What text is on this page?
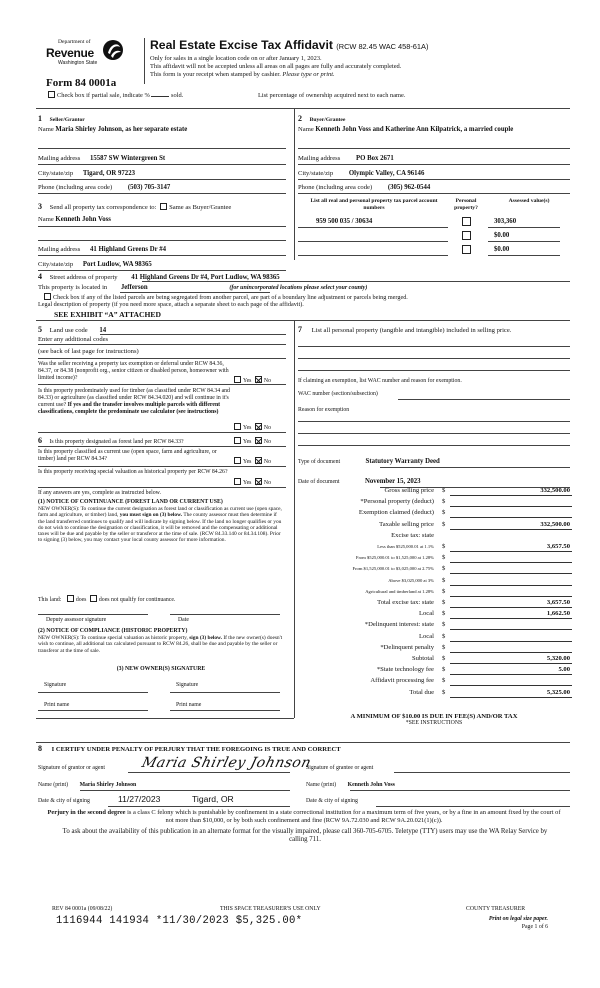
Department of
Revenue
Washington State
Real Estate Excise Tax Affidavit (RCW 82.45 WAC 458-61A)
Only for sales in a single location code on or after January 1, 2023.
This affidavit will not be accepted unless all areas on all pages are fully and accurately completed.
This form is your receipt when stamped by cashier. Please type or print.
Form 84 0001a
Check box if partial sale, indicate %	sold.	List percentage of ownership acquired next to each name.
1 Seller/Grantor
Name Maria Shirley Johnson, as her separate estate
Mailing address 15587 SW Wintergreen St
City/state/zip Tigard, OR 97223
Phone (including area code) (503) 705-3147
2 Buyer/Grantee
Name Kenneth John Voss and Katherine Ann Kilpatrick, a married couple
Mailing address PO Box 2671
City/state/zip Olympic Valley, CA 96146
Phone (including area code) (305) 962-0544
3 Send all property tax correspondence to: Same as Buyer/Grantee
Name Kenneth John Voss
Mailing address 41 Highland Greens Dr #4
City/state/zip Port Ludlow, WA 98365
List all real and personal property tax parcel account numbers
Personal property?
Assessed value(s)
959 500 035 / 30634	303,360
$0.00
$0.00
4 Street address of property 41 Highland Greens Dr #4, Port Ludlow, WA 98365
This property is located in Jefferson	(for unincorporated locations please select your county)
Check box if any of the listed parcels are being segregated from another parcel, are part of a boundary line adjustment or parcels being merged.
Legal description of property (if you need more space, attach a separate sheet to each page of the affidavit).
SEE EXHIBIT “A” ATTACHED
5 Land use code 14
Enter any additional codes
(see back of last page for instructions)
Was the seller receiving a property tax exemption or deferral under RCW 84.36, 84.37, or 84.38 (nonprofit org., senior citizen or disabled person, homeowner with limited income)?
Yes No
Is this property predominately used for timber (as classified under RCW 84.34 and 84.33) or agriculture (as classified under RCW 84.34.020) and will continue in it's current use? If yes and the transfer involves multiple parcels with different classifications, complete the predominate use calculator (see instructions)
Yes No
6 Is this property designated as forest land per RCW 84.33?	Yes No
Is this property classified as current use (open space, farm and agriculture, or timber) land per RCW 84.34?
Yes No
Is this property receiving special valuation as historical property per RCW 84.26?
Yes No
If any answers are yes, complete as instructed below.
(1) NOTICE OF CONTINUANCE (FOREST LAND OR CURRENT USE)
NEW OWNER(S): To continue the current designation as forest land or classification as current use (open space, farm and agriculture, or timber) land, you must sign on (3) below. The county assessor must then determine if the land transferred continues to qualify and will indicate by signing below. If the land no longer qualifies or you do not wish to continue the designation or classification, it will be removed and the compensating or additional taxes will be due and payable by the seller or transferor at the time of sale. (RCW 84.33.140 or 84.34.108). Prior to signing (3) below, you may contact your local county assessor for more information.
This land: does does not qualify for continuance.
Deputy assessor signature	Date
(2) NOTICE OF COMPLIANCE (HISTORIC PROPERTY)
NEW OWNER(S): To continue special valuation as historic property, sign (3) below. If the new owner(s) doesn't wish to continue, all additional tax calculated pursuant to RCW 84.26, shall be due and payable by the seller or transferor at the time of sale.
(3) NEW OWNER(S) SIGNATURE
Signature	Signature
Print name	Print name
7 List all personal property (tangible and intangible) included in selling price.
If claiming an exemption, list WAC number and reason for exemption.
WAC number (section/subsection)
Reason for exemption
Type of document	Statutory Warranty Deed
Date of document	November 15, 2023
Gross selling price $	332,500.00
*Personal property (deduct) $
Exemption claimed (deduct) $
Taxable selling price $	332,500.00
Excise tax: state
Less than $525,000.01 at 1.1% $	3,657.50
From $525,000.01 to $1,525,000 at 1.28% $
From $1,525,000.01 to $3,025,000 at 2.75% $
Above $3,025,000 at 3% $
Agricultural and timberland at 1.28% $
Total excise tax: state $	3,657.50
Local $	1,662.50
*Delinquent interest: state $
Local $
*Delinquent penalty $
Subtotal $	5,320.00
*State technology fee $	5.00
Affidavit processing fee $
Total due $	5,325.00
A MINIMUM OF $10.00 IS DUE IN FEE(S) AND/OR TAX
*SEE INSTRUCTIONS
8 I CERTIFY UNDER PENALTY OF PERJURY THAT THE FOREGOING IS TRUE AND CORRECT
Signature of grantor or agent	Maria Shirley Johnson
Signature of grantee or agent
Name (print) Maria Shirley Johnson	Name (print) Kenneth John Voss
Date & city of signing	11/27/2023	Tigard, OR	Date & city of signing
Perjury in the second degree is a class C felony which is punishable by confinement in a state correctional institution for a maximum term of five years, or by a fine in an amount fixed by the court of not more than $10,000, or by both such confinement and fine (RCW 9A.72.030 and RCW 9A.20.021(1)(c)).
To ask about the availability of this publication in an alternate format for the visually impaired, please call 360-705-6705. Teletype (TTY) users may use the WA Relay Service by calling 711.
REV 84 0001a (09/08/22)	THIS SPACE TREASURER'S USE ONLY	COUNTY TREASURER
1116944 141934 *11/30/2023 $5,325.00*	Print on legal size paper.
Page 1 of 6
